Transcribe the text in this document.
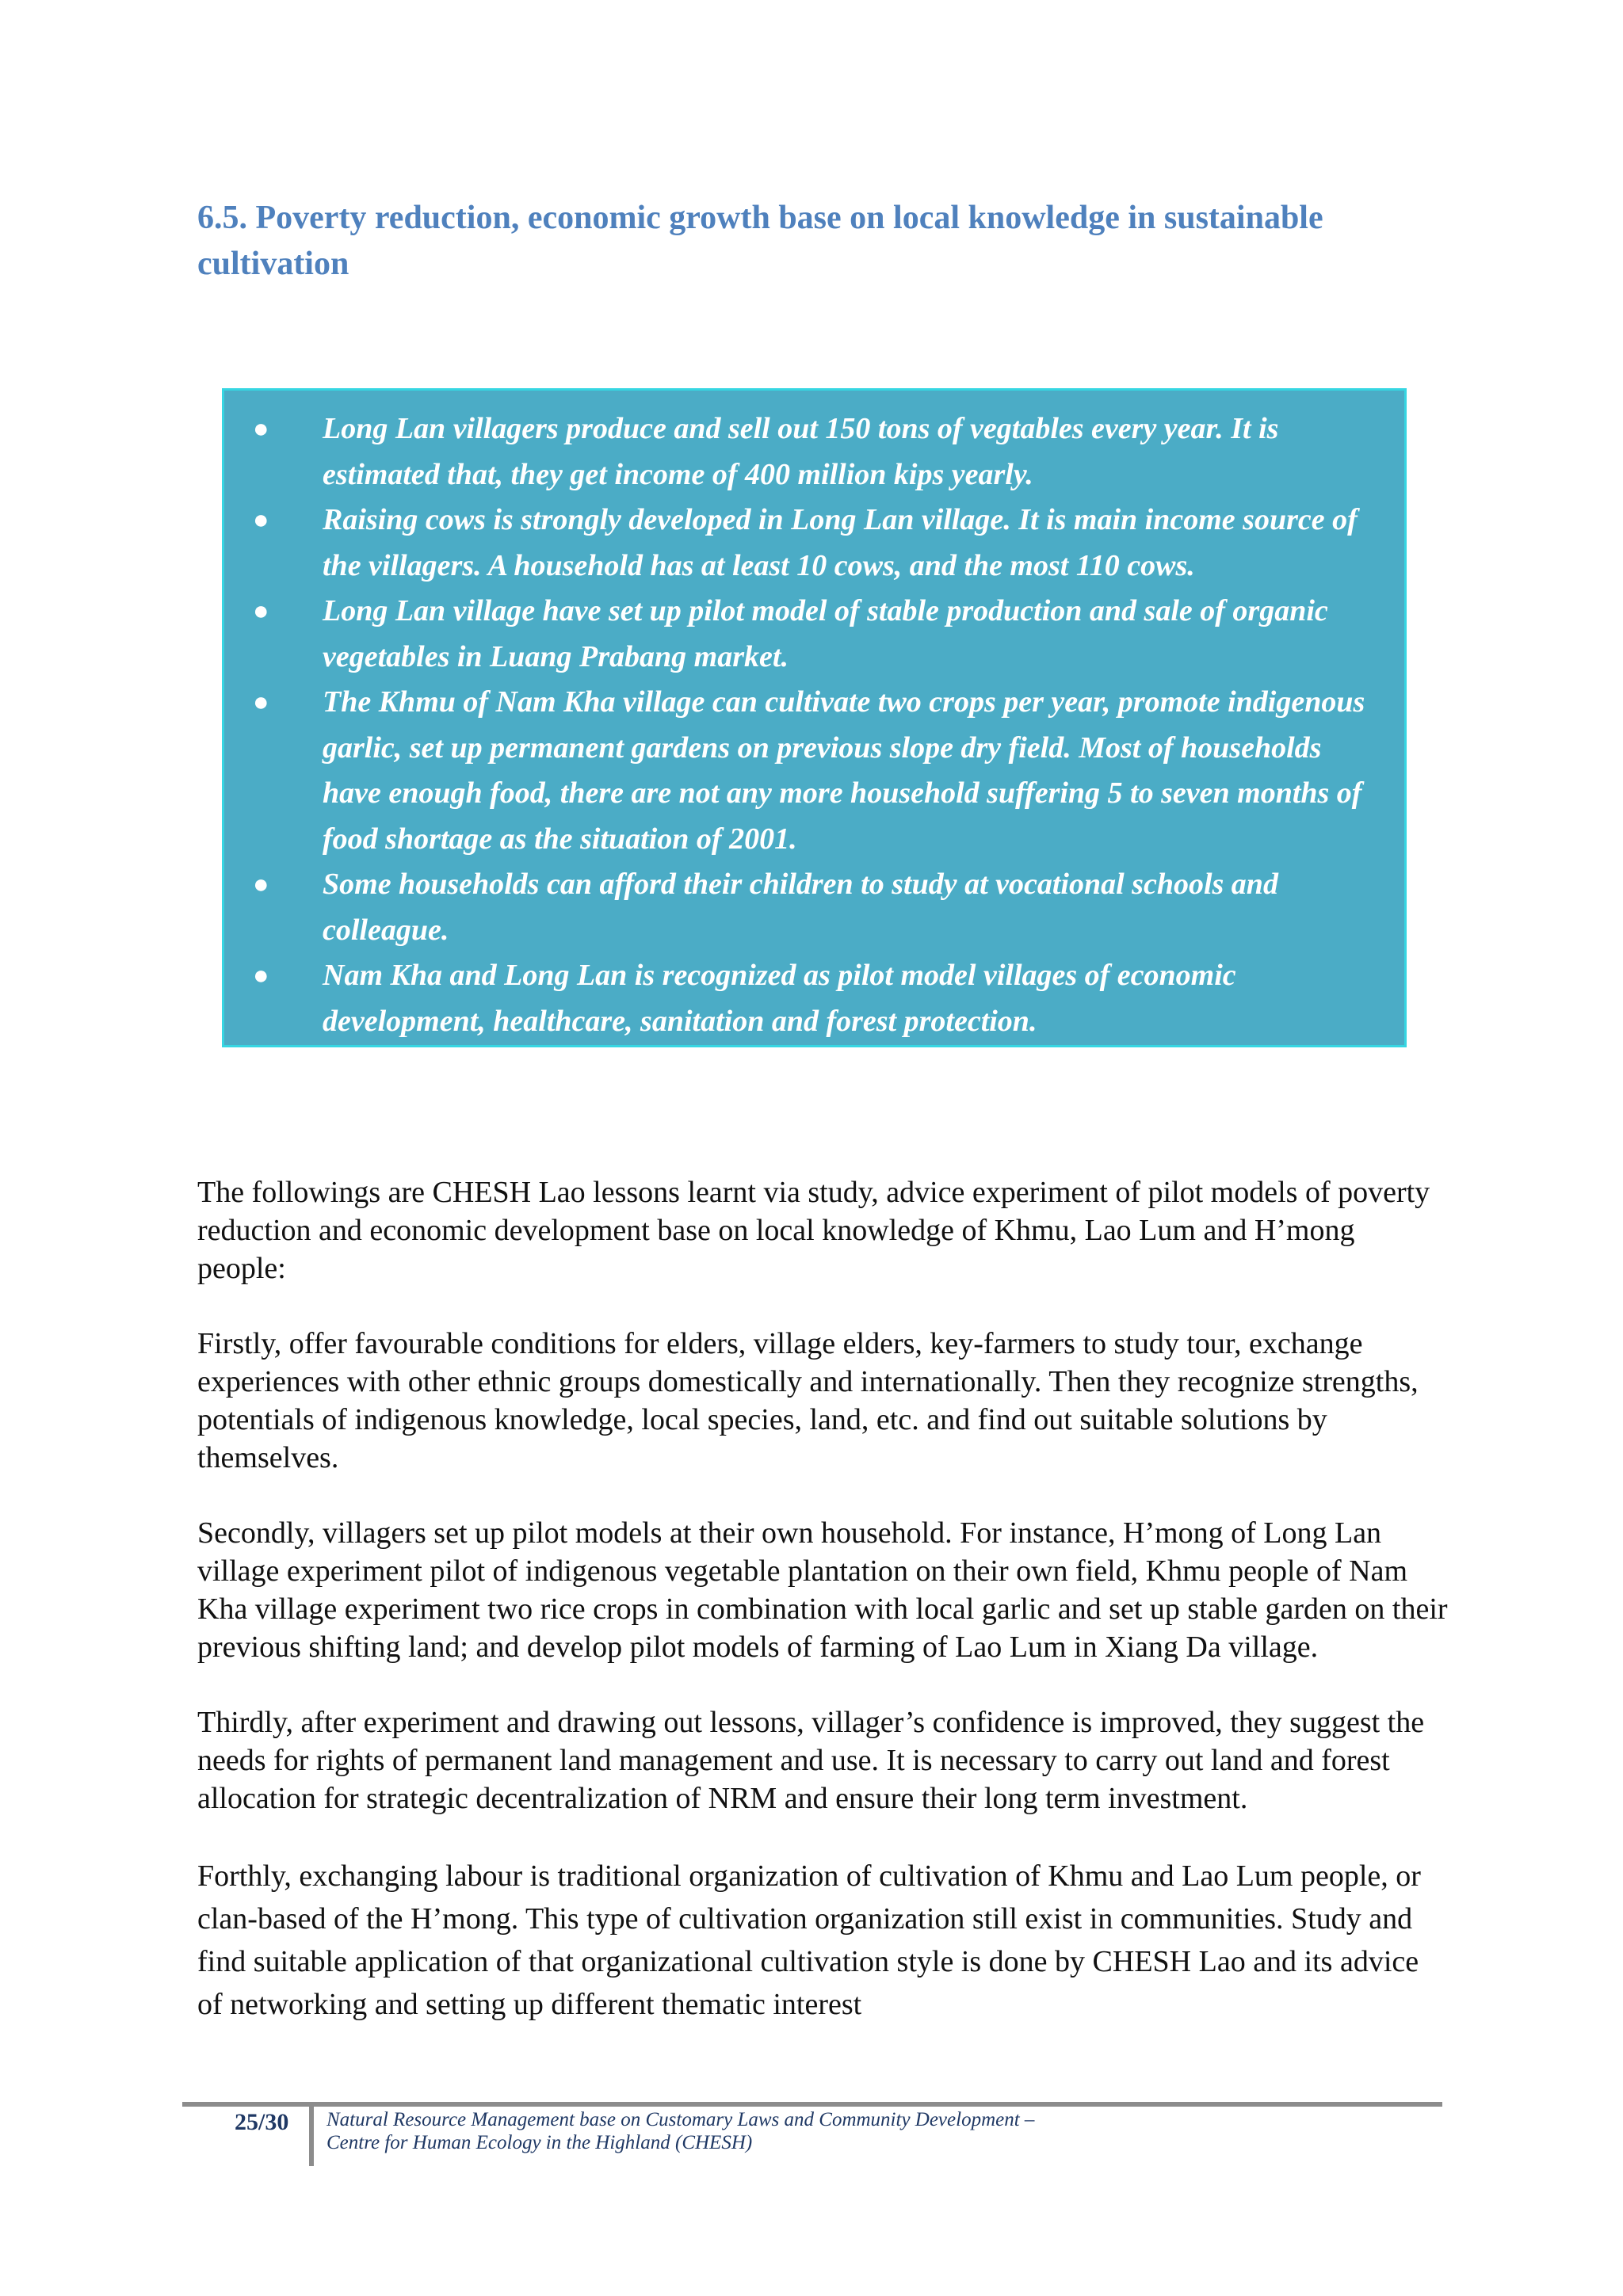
6.5. Poverty reduction, economic growth base on local knowledge in sustainable cultivation
●	Long Lan villagers produce and sell out 150 tons of vegtables every year. It is estimated that, they get income of 400 million kips yearly.
●	Raising cows is strongly developed in Long Lan village. It is main income source of the villagers. A household has at least 10 cows, and the most 110 cows.
●	Long Lan village have set up pilot model of stable production and sale of organic vegetables in Luang Prabang market.
●	The Khmu of Nam Kha village can cultivate two crops per year, promote indigenous garlic, set up permanent gardens on previous slope dry field. Most of households have enough food, there are not any more household suffering 5 to seven months of food shortage as the situation of 2001.
●	Some households can afford their children to study at vocational schools and colleague.
●	Nam Kha and Long Lan is recognized as pilot model villages of economic development, healthcare, sanitation and forest protection.

The followings are CHESH Lao lessons learnt via study, advice experiment of pilot models of poverty reduction and economic development base on local knowledge of Khmu, Lao Lum and H’mong people:

Firstly, offer favourable conditions for elders, village elders, key-farmers to study tour, exchange experiences with other ethnic groups domestically and internationally. Then they recognize strengths, potentials of indigenous knowledge, local species, land, etc. and find out suitable solutions by themselves.

Secondly, villagers set up pilot models at their own household. For instance, H’mong of Long Lan village experiment pilot of indigenous vegetable plantation on their own field, Khmu people of Nam Kha village experiment two rice crops in combination with local garlic and set up stable garden on their previous shifting land; and develop pilot models of farming of Lao Lum in Xiang Da village.

Thirdly, after experiment and drawing out lessons, villager’s confidence is improved, they suggest the needs for rights of permanent land management and use. It is necessary to carry out land and forest allocation for strategic decentralization of NRM and ensure their long term investment.

Forthly, exchanging labour is traditional organization of cultivation of Khmu and Lao Lum people, or clan-based of the H’mong. This type of cultivation organization still exist in communities. Study and find suitable application of that organizational cultivation style is done by CHESH Lao and its advice of networking and setting up different thematic interest

25/30 Natural Resource Management base on Customary Laws and Community Development –
Centre for Human Ecology in the Highland (CHESH)
